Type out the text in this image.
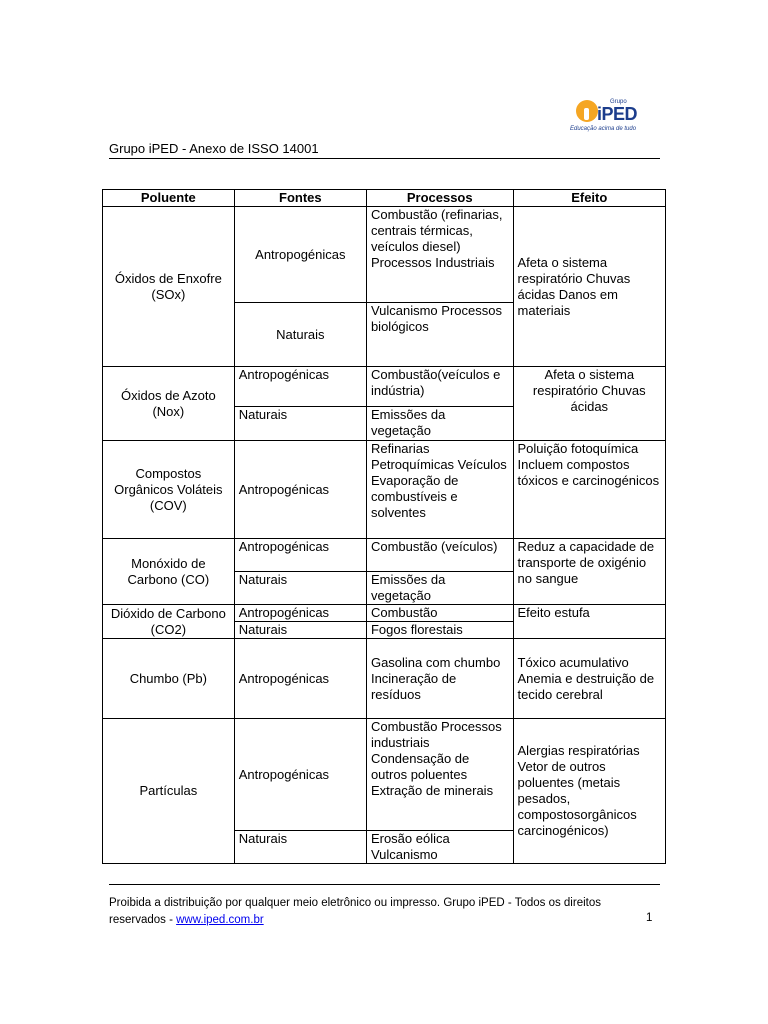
Grupo
iPED
Educação acima de tudo
Grupo iPED - Anexo de ISSO 14001
Poluente	Fontes	Processos	Efeito
Óxidos de Enxofre (SOx)	Antropogénicas	Combustão (refinarias, centrais térmicas, veículos diesel) Processos Industriais	Afeta o sistema respiratório Chuvas ácidas Danos em materiais
	Naturais	Vulcanismo Processos biológicos	
Óxidos de Azoto (Nox)	Antropogénicas	Combustão(veículos e indústria)	Afeta o sistema respiratório Chuvas ácidas
	Naturais	Emissões da vegetação	
Compostos Orgânicos Voláteis (COV)	Antropogénicas	Refinarias Petroquímicas Veículos Evaporação de combustíveis e solventes	Poluição fotoquímica Incluem compostos tóxicos e carcinogénicos
Monóxido de Carbono (CO)	Antropogénicas	Combustão (veículos)	Reduz a capacidade de transporte de oxigénio no sangue
	Naturais	Emissões da vegetação	
Dióxido de Carbono (CO2)	Antropogénicas	Combustão	Efeito estufa
	Naturais	Fogos florestais	
Chumbo (Pb)	Antropogénicas	Gasolina com chumbo Incineração de resíduos	Tóxico acumulativo Anemia e destruição de tecido cerebral
Partículas	Antropogénicas	Combustão Processos industriais Condensação de outros poluentes Extração de minerais	Alergias respiratórias Vetor de outros poluentes (metais pesados, compostosorgânicos carcinogénicos)
	Naturais	Erosão eólica Vulcanismo	
Proibida a distribuição por qualquer meio eletrônico ou impresso. Grupo iPED - Todos os direitos reservados - www.iped.com.br	1
